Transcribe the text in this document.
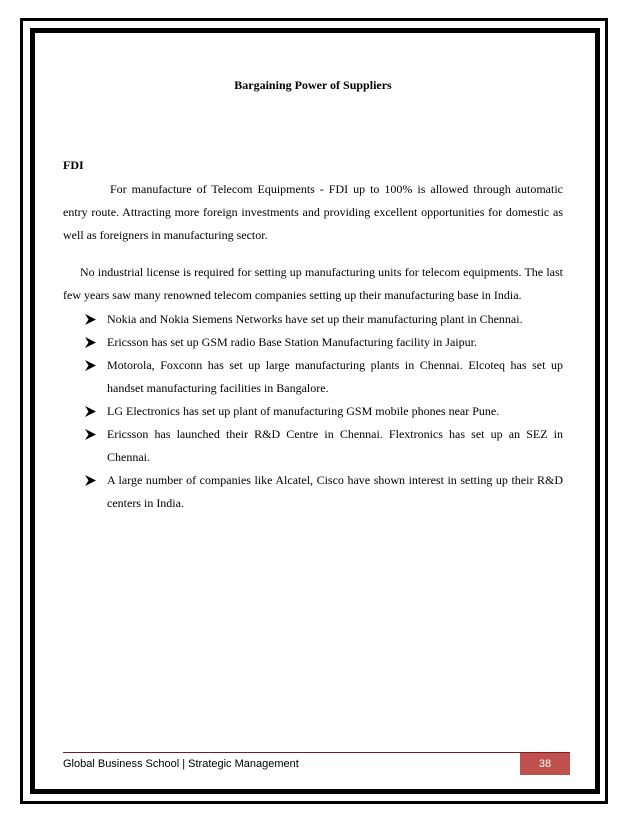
Bargaining Power of Suppliers
FDI

For manufacture of Telecom Equipments - FDI up to 100% is allowed through automatic entry route. Attracting more foreign investments and providing excellent opportunities for domestic as well as foreigners in manufacturing sector.

No industrial license is required for setting up manufacturing units for telecom equipments. The last few years saw many renowned telecom companies setting up their manufacturing base in India.

Nokia and Nokia Siemens Networks have set up their manufacturing plant in Chennai.
Ericsson has set up GSM radio Base Station Manufacturing facility in Jaipur.
Motorola, Foxconn has set up large manufacturing plants in Chennai. Elcoteq has set up handset manufacturing facilities in Bangalore.
LG Electronics has set up plant of manufacturing GSM mobile phones near Pune.
Ericsson has launched their R&D Centre in Chennai. Flextronics has set up an SEZ in Chennai.
A large number of companies like Alcatel, Cisco have shown interest in setting up their R&D centers in India.
Global Business School | Strategic Management	38
